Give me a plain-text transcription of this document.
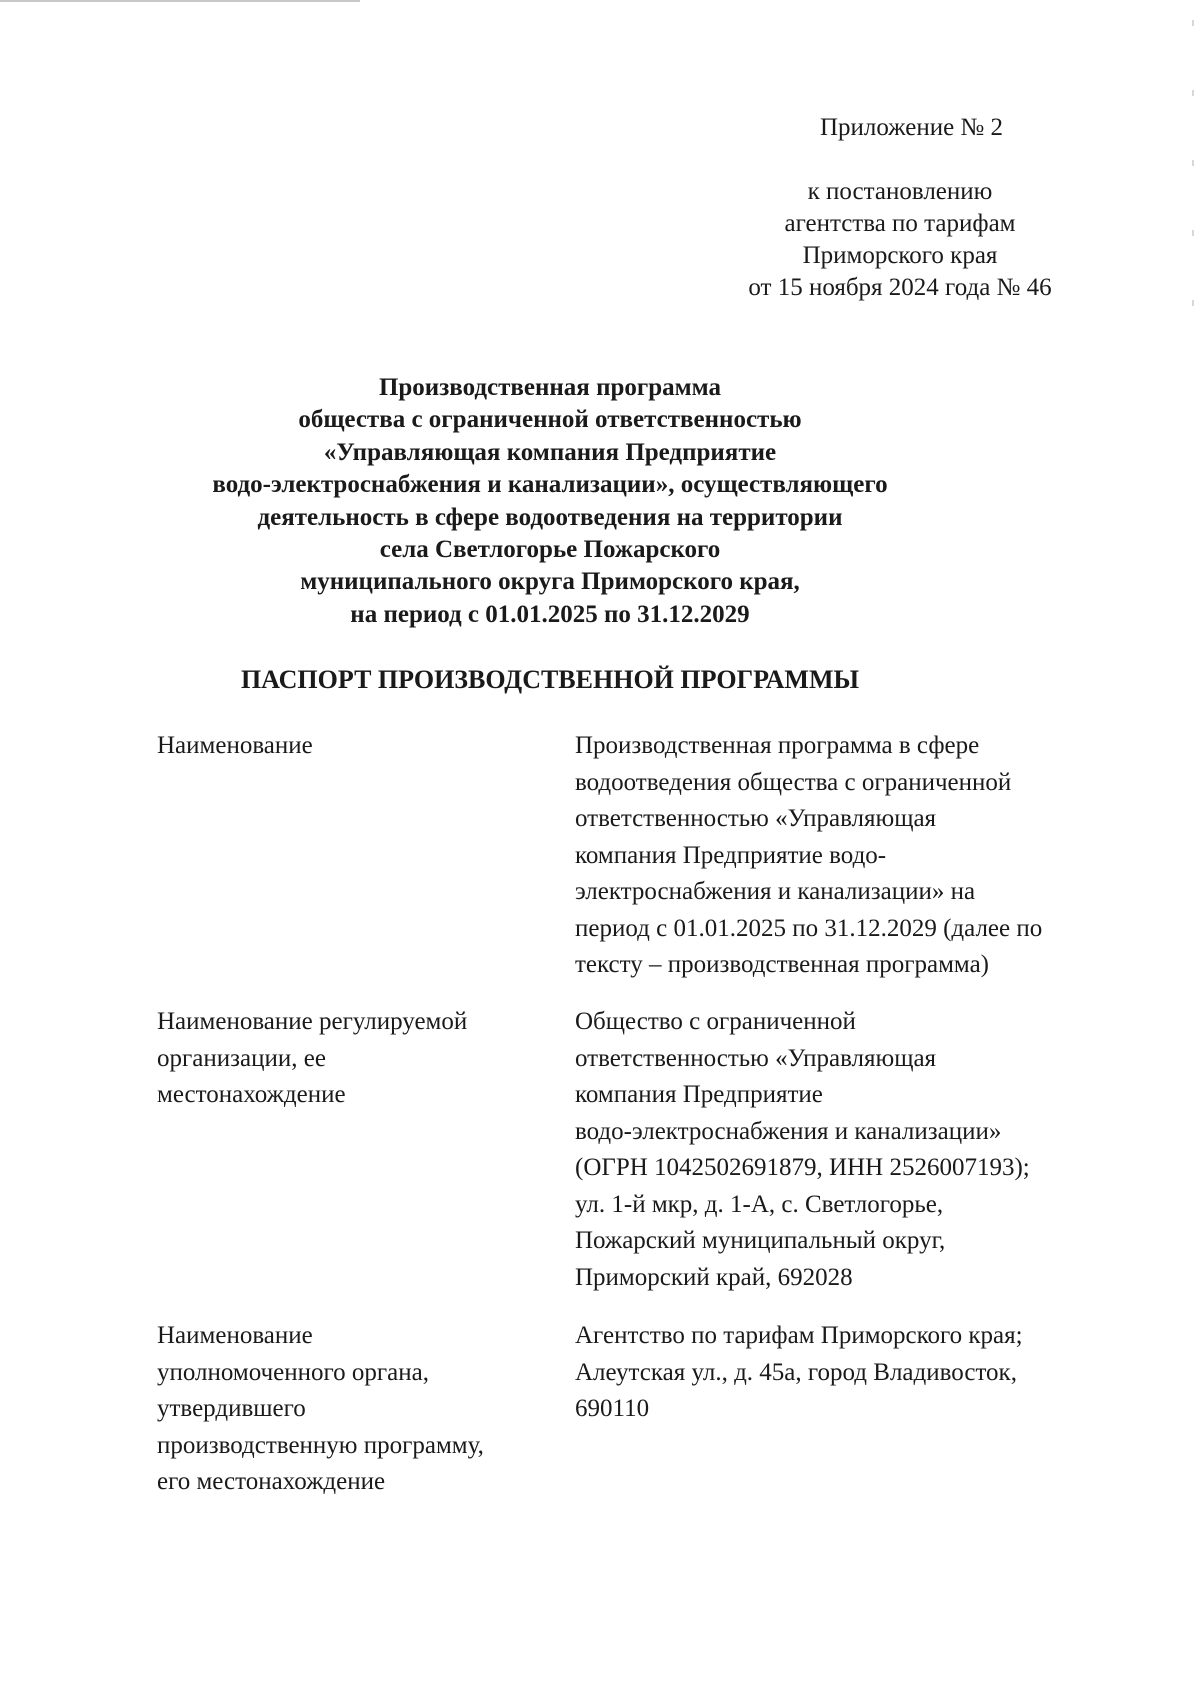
Приложение № 2
к постановлению
агентства по тарифам
Приморского края
от 15 ноября 2024 года № 46
Производственная программа
общества с ограниченной ответственностью
«Управляющая компания Предприятие
водо-электроснабжения и канализации», осуществляющего
деятельность в сфере водоотведения на территории
села Светлогорье Пожарского
муниципального округа Приморского края,
на период с 01.01.2025 по 31.12.2029
ПАСПОРТ ПРОИЗВОДСТВЕННОЙ ПРОГРАММЫ
Наименование	Производственная программа в сфере
водоотведения общества с ограниченной
ответственностью «Управляющая
компания Предприятие водо-
электроснабжения и канализации» на
период с 01.01.2025 по 31.12.2029 (далее по
тексту – производственная программа)
Наименование регулируемой
организации, ее
местонахождение
Общество с ограниченной
ответственностью «Управляющая
компания Предприятие
водо-электроснабжения и канализации»
(ОГРН 1042502691879, ИНН 2526007193);
ул. 1-й мкр, д. 1-А, с. Светлогорье,
Пожарский муниципальный округ,
Приморский край, 692028
Наименование
уполномоченного органа,
утвердившего
производственную программу,
его местонахождение
Агентство по тарифам Приморского края;
Алеутская ул., д. 45а, город Владивосток,
690110
